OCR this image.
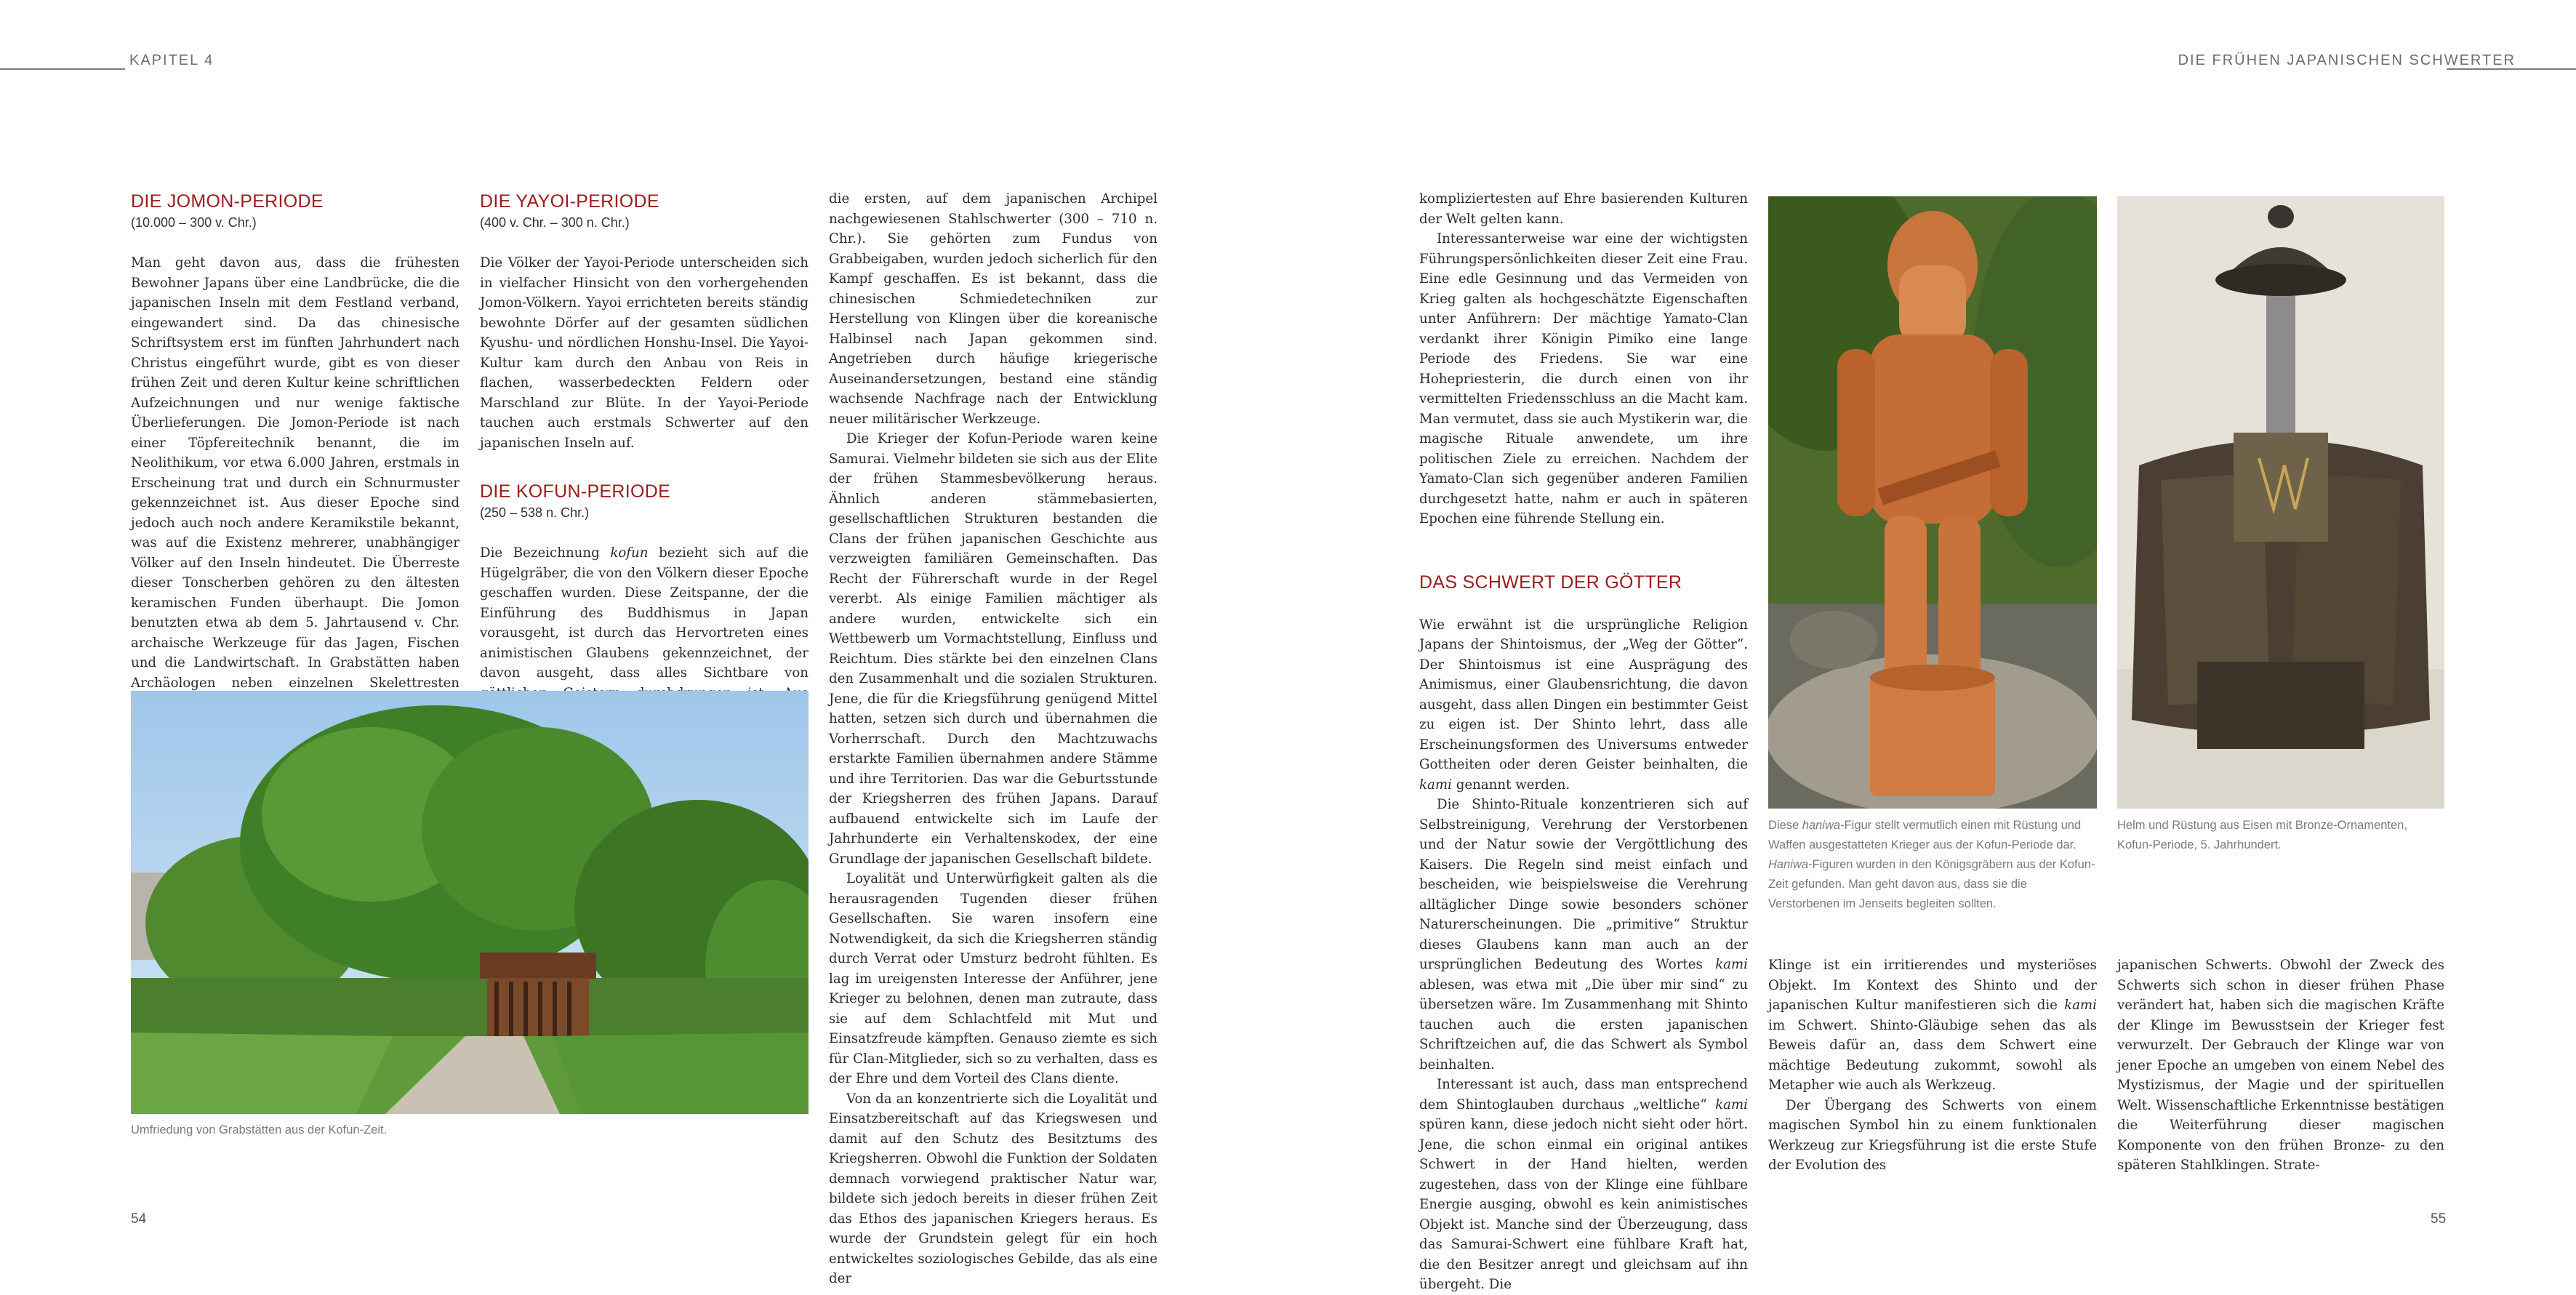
KAPITEL 4	DIE FRÜHEN JAPANISCHEN SCHWERTER
DIE JOMON-PERIODE
(10.000 – 300 v. Chr.)

Man geht davon aus, dass die frühesten Bewohner Japans über eine Landbrücke, die die japanischen Inseln mit dem Festland verband, eingewandert sind. Da das chinesische Schriftsystem erst im fünften Jahrhundert nach Christus eingeführt wurde, gibt es von dieser frühen Zeit und deren Kultur keine schriftlichen Aufzeichnungen und nur wenige faktische Überlieferungen. Die Jomon-Periode ist nach einer Töpfereitechnik benannt, die im Neolithikum, vor etwa 6.000 Jahren, erstmals in Erscheinung trat und durch ein Schnurmuster gekennzeichnet ist. Aus dieser Epoche sind jedoch auch noch andere Keramikstile bekannt, was auf die Existenz mehrerer, unabhängiger Völker auf den Inseln hindeutet. Die Überreste dieser Tonscherben gehören zu den ältesten keramischen Funden überhaupt. Die Jomon benutzten etwa ab dem 5. Jahrtausend v. Chr. archaische Werkzeuge für das Jagen, Fischen und die Landwirtschaft. In Grabstätten haben Archäologen neben einzelnen Skelettresten

DIE YAYOI-PERIODE
(400 v. Chr. – 300 n. Chr.)

Die Völker der Yayoi-Periode unterscheiden sich in vielfacher Hinsicht von den vorhergehenden Jomon-Völkern. Yayoi errichteten bereits ständig bewohnte Dörfer auf der gesamten südlichen Kyushu- und nördlichen Honshu-Insel. Die Yayoi-Kultur kam durch den Anbau von Reis in flachen, wasserbedeckten Feldern oder Marschland zur Blüte. In der Yayoi-Periode tauchen auch erstmals Schwerter auf den japanischen Inseln auf.

DIE KOFUN-PERIODE
(250 – 538 n. Chr.)

Die Bezeichnung kofun bezieht sich auf die Hügelgräber, die von den Völkern dieser Epoche geschaffen wurden. Diese Zeitspanne, der die Einführung des Buddhismus in Japan vorausgeht, ist durch das Hervortreten eines animistischen Glaubens gekennzeichnet, der davon ausgeht, dass alles Sichtbare von

die ersten, auf dem japanischen Archipel nachgewiesenen Stahlschwerter (300 – 710 n. Chr.). Sie gehörten zum Fundus von Grabbeigaben, wurden jedoch sicherlich für den Kampf geschaffen. Es ist bekannt, dass die chinesischen Schmiedetechniken zur Herstellung von Klingen über die koreanische Halbinsel nach Japan gekommen sind. Angetrieben durch häufige kriegerische Auseinandersetzungen, bestand eine ständig wachsende Nachfrage nach der Entwicklung neuer militärischer Werkzeuge.

Die Krieger der Kofun-Periode waren keine Samurai. Vielmehr bildeten sie sich aus der Elite der frühen Stammesbevölkerung heraus. Ähnlich anderen stämmebasierten, gesellschaftlichen Strukturen bestanden die Clans der frühen japanischen Geschichte aus verzweigten familiären Gemeinschaften. Das Recht der Führerschaft wurde in der Regel vererbt. Als einige Familien mächtiger als andere wurden, entwickelte sich ein Wettbewerb um Vormachtstellung, Einfluss und Reichtum. Dies stärkte bei den einzelnen Clans den Zusammenhalt und die sozialen Strukturen. Jene, die für die Kriegsführung genügend Mittel hatten, setzen sich durch und übernahmen die Vorherrschaft. Durch den Machtzuwachs erstarkte Familien übernahmen andere Stämme und ihre Territorien. Das war die Geburtsstunde der Kriegsherren des frühen Japans. Darauf aufbauend entwickelte sich im Laufe der Jahrhunderte ein Verhaltenskodex, der eine Grundlage der japanischen Gesellschaft bildete.

Loyalität und Unterwürfigkeit galten als die herausragenden Tugenden dieser frühen Gesellschaften. Sie waren insofern eine Notwendigkeit, da sich die Kriegsherren ständig durch Verrat oder Umsturz bedroht fühlten. Es lag im ureigensten Interesse der Anführer, jene Krieger zu belohnen, denen man zutraute, dass sie auf dem Schlachtfeld mit Mut und Einsatzfreude kämpften. Genauso ziemte es sich für Clan-Mitglieder, sich so zu verhalten, dass es der Ehre und dem Vorteil des Clans diente.

Von da an konzentrierte sich die Loyalität und Einsatzbereitschaft auf das Kriegswesen und damit auf den Schutz des Besitztums des Kriegsherren. Obwohl die Funktion der Soldaten demnach vorwiegend praktischer Natur war, bildete sich jedoch bereits in dieser frühen Zeit das Ethos des japanischen Kriegers heraus. Es wurde der Grundstein gelegt für ein hoch entwickeltes soziologisches Gebilde, das als eine der

Umfriedung von Grabstätten aus der Kofun-Zeit.
54

kompliziertesten auf Ehre basierenden Kulturen der Welt gelten kann.

Interessanterweise war eine der wichtigsten Führungspersönlichkeiten dieser Zeit eine Frau. Eine edle Gesinnung und das Vermeiden von Krieg galten als hochgeschätzte Eigenschaften unter Anführern: Der mächtige Yamato-Clan verdankt ihrer Königin Pimiko eine lange Periode des Friedens. Sie war eine Hohepriesterin, die durch einen von ihr vermittelten Friedensschluss an die Macht kam. Man vermutet, dass sie auch Mystikerin war, die magische Rituale anwendete, um ihre politischen Ziele zu erreichen. Nachdem der Yamato-Clan sich gegenüber anderen Familien durchgesetzt hatte, nahm er auch in späteren Epochen eine führende Stellung ein.

DAS SCHWERT DER GÖTTER

Wie erwähnt ist die ursprüngliche Religion Japans der Shintoismus, der „Weg der Götter“. Der Shintoismus ist eine Ausprägung des Animismus, einer Glaubensrichtung, die davon ausgeht, dass allen Dingen ein bestimmter Geist zu eigen ist. Der Shinto lehrt, dass alle Erscheinungsformen des Universums entweder Gottheiten oder deren Geister beinhalten, die kami genannt werden.

Die Shinto-Rituale konzentrieren sich auf Selbstreinigung, Verehrung der Verstorbenen und der Natur sowie der Vergöttlichung des Kaisers. Die Regeln sind meist einfach und bescheiden, wie beispielsweise die Verehrung alltäglicher Dinge sowie besonders schöner Naturerscheinungen. Die „primitive“ Struktur dieses Glaubens kann man auch an der ursprünglichen Bedeutung des Wortes kami ablesen, was etwa mit „Die über mir sind“ zu übersetzen wäre. Im Zusammenhang mit Shinto tauchen auch die ersten japanischen Schriftzeichen auf, die das Schwert als Symbol beinhalten.

Interessant ist auch, dass man entsprechend dem Shintoglauben durchaus „weltliche“ kami spüren kann, diese jedoch nicht sieht oder hört. Jene, die schon einmal ein original antikes Schwert in der Hand hielten, werden zugestehen, dass von der Klinge eine fühlbare Energie ausging, obwohl es kein animistisches Objekt ist. Manche sind der Überzeugung, dass das Samurai-Schwert eine fühlbare Kraft hat, die den Besitzer anregt und gleichsam auf ihn übergeht. Die

Diese haniwa-Figur stellt vermutlich einen mit Rüstung und Waffen ausgestatteten Krieger aus der Kofun-Periode dar. Haniwa-Figuren wurden in den Königsgräbern aus der Kofun-Zeit gefunden. Man geht davon aus, dass sie die Verstorbenen im Jenseits begleiten sollten.
Helm und Rüstung aus Eisen mit Bronze-Ornamenten, Kofun-Periode, 5. Jahrhundert.

Klinge ist ein irritierendes und mysteriöses Objekt. Im Kontext des Shinto und der japanischen Kultur manifestieren sich die kami im Schwert. Shinto-Gläubige sehen das als Beweis dafür an, dass dem Schwert eine mächtige Bedeutung zukommt, sowohl als Metapher wie auch als Werkzeug.

Der Übergang des Schwerts von einem magischen Symbol hin zu einem funktionalen Werkzeug zur Kriegsführung ist die erste Stufe der Evolution des

japanischen Schwerts. Obwohl der Zweck des Schwerts sich schon in dieser frühen Phase verändert hat, haben sich die magischen Kräfte der Klinge im Bewusstsein der Krieger fest verwurzelt. Der Gebrauch der Klinge war von jener Epoche an umgeben von einem Nebel des Mystizismus, der Magie und der spirituellen Welt. Wissenschaftliche Erkenntnisse bestätigen die Weiterführung dieser magischen Komponente von den frühen Bronze- zu den späteren Stahlklingen. Strate-

55
